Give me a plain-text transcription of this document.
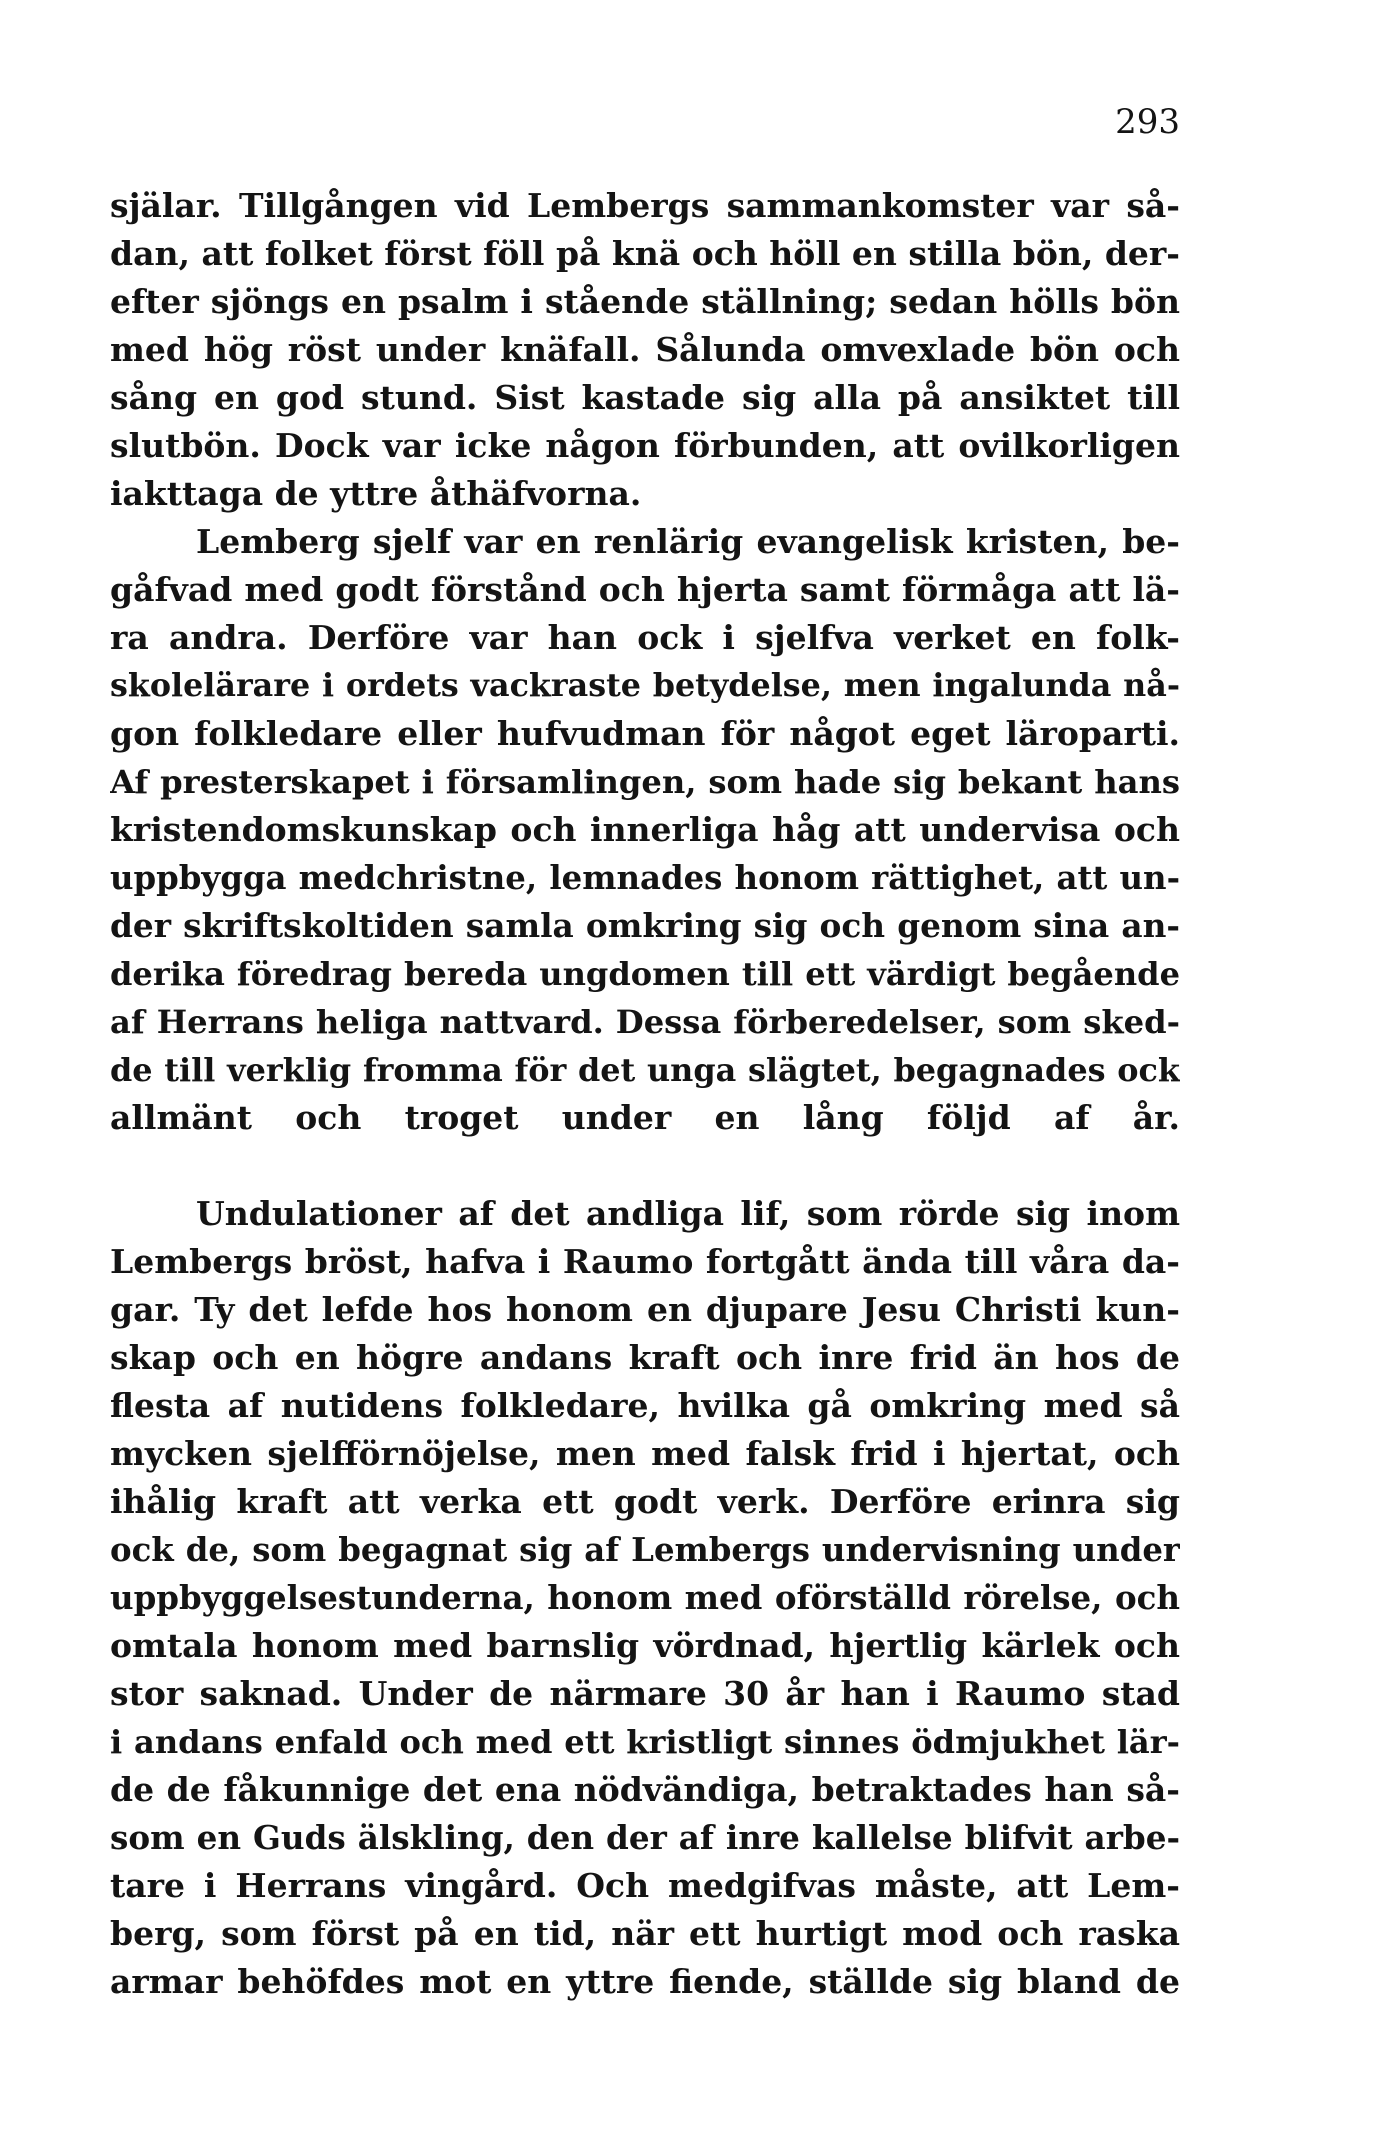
293
själar. Tillgången vid Lembergs sammankomster var så-
dan, att folket först föll på knä och höll en stilla bön, der-
efter sjöngs en psalm i stående ställning; sedan hölls bön
med hög röst under knäfall. Sålunda omvexlade bön och
sång en god stund. Sist kastade sig alla på ansiktet till
slutbön. Dock var icke någon förbunden, att ovilkorligen
iakttaga de yttre åthäfvorna.
Lemberg sjelf var en renlärig evangelisk kristen, be-
gåfvad med godt förstånd och hjerta samt förmåga att lä-
ra andra. Derföre var han ock i sjelfva verket en folk-
skolelärare i ordets vackraste betydelse, men ingalunda nå-
gon folkledare eller hufvudman för något eget läroparti.
Af presterskapet i församlingen, som hade sig bekant hans
kristendomskunskap och innerliga håg att undervisa och
uppbygga medchristne, lemnades honom rättighet, att un-
der skriftskoltiden samla omkring sig och genom sina an-
derika föredrag bereda ungdomen till ett värdigt begående
af Herrans heliga nattvard. Dessa förberedelser, som sked-
de till verklig fromma för det unga slägtet, begagnades ock
allmänt och troget under en lång följd af år.
Undulationer af det andliga lif, som rörde sig inom
Lembergs bröst, hafva i Raumo fortgått ända till våra da-
gar. Ty det lefde hos honom en djupare Jesu Christi kun-
skap och en högre andans kraft och inre frid än hos de
flesta af nutidens folkledare, hvilka gå omkring med så
mycken sjelfförnöjelse, men med falsk frid i hjertat, och
ihålig kraft att verka ett godt verk. Derföre erinra sig
ock de, som begagnat sig af Lembergs undervisning under
uppbyggelsestunderna, honom med oförställd rörelse, och
omtala honom med barnslig vördnad, hjertlig kärlek och
stor saknad. Under de närmare 30 år han i Raumo stad
i andans enfald och med ett kristligt sinnes ödmjukhet lär-
de de fåkunnige det ena nödvändiga, betraktades han så-
som en Guds älskling, den der af inre kallelse blifvit arbe-
tare i Herrans vingård. Och medgifvas måste, att Lem-
berg, som först på en tid, när ett hurtigt mod och raska
armar behöfdes mot en yttre fiende, ställde sig bland de
